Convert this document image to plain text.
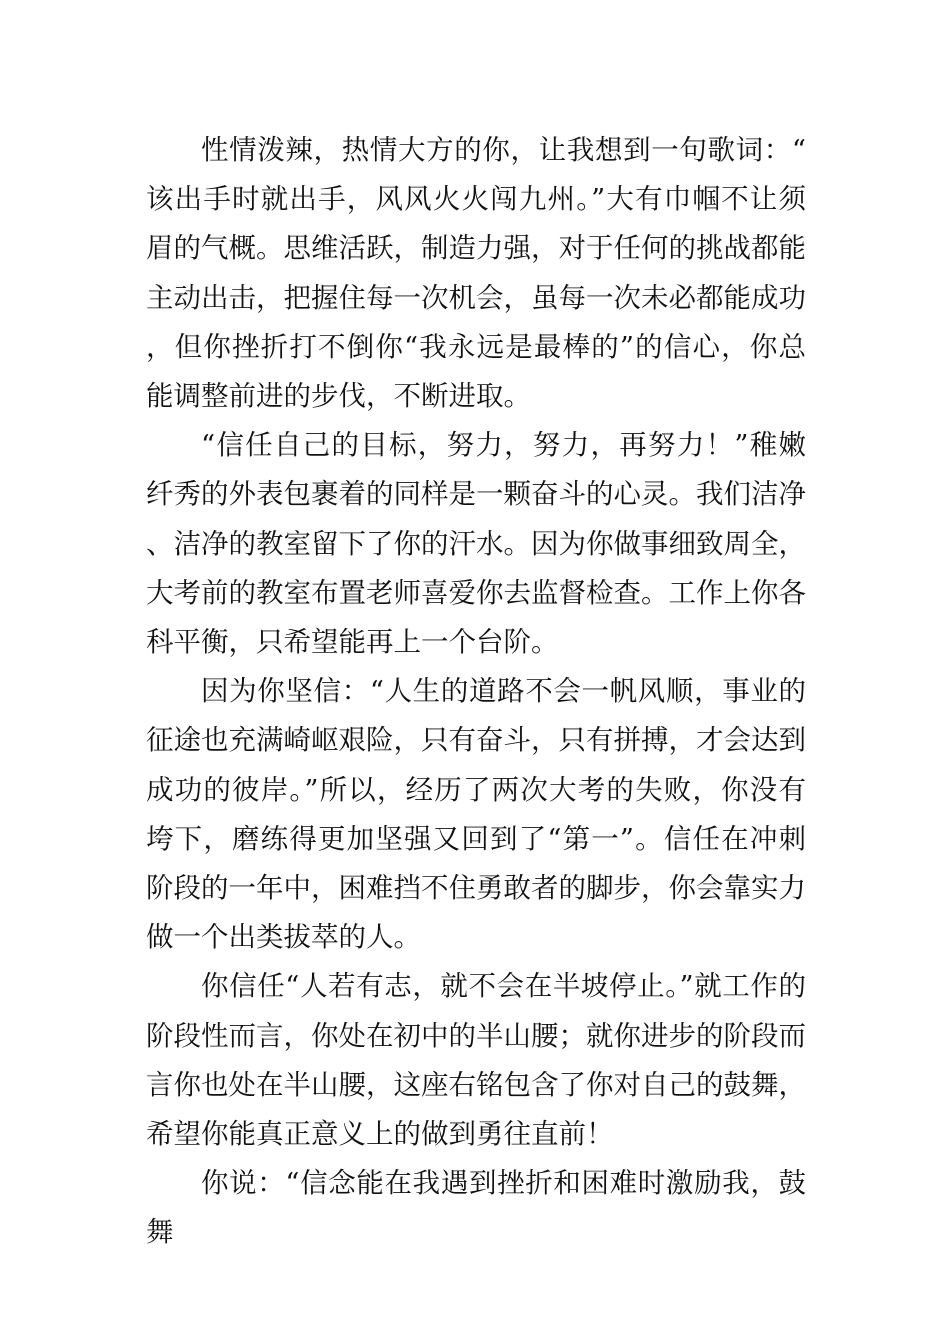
性情泼辣，热情大方的你，让我想到一句歌词：“该出手时就出手，风风火火闯九州。”大有巾帼不让须眉的气概。思维活跃，制造力强，对于任何的挑战都能主动出击，把握住每一次机会，虽每一次未必都能成功，但你挫折打不倒你“我永远是最棒的”的信心，你总能调整前进的步伐，不断进取。

“信任自己的目标，努力，努力，再努力！”稚嫩纤秀的外表包裹着的同样是一颗奋斗的心灵。我们洁净、洁净的教室留下了你的汗水。因为你做事细致周全，大考前的教室布置老师喜爱你去监督检查。工作上你各科平衡，只希望能再上一个台阶。

因为你坚信：“人生的道路不会一帆风顺，事业的征途也充满崎岖艰险，只有奋斗，只有拼搏，才会达到成功的彼岸。”所以，经历了两次大考的失败，你没有垮下，磨练得更加坚强又回到了“第一”。信任在冲刺阶段的一年中，困难挡不住勇敢者的脚步，你会靠实力做一个出类拔萃的人。

你信任“人若有志，就不会在半坡停止。”就工作的阶段性而言，你处在初中的半山腰；就你进步的阶段而言你也处在半山腰，这座右铭包含了你对自己的鼓舞，希望你能真正意义上的做到勇往直前！

你说：“信念能在我遇到挫折和困难时激励我，鼓舞
